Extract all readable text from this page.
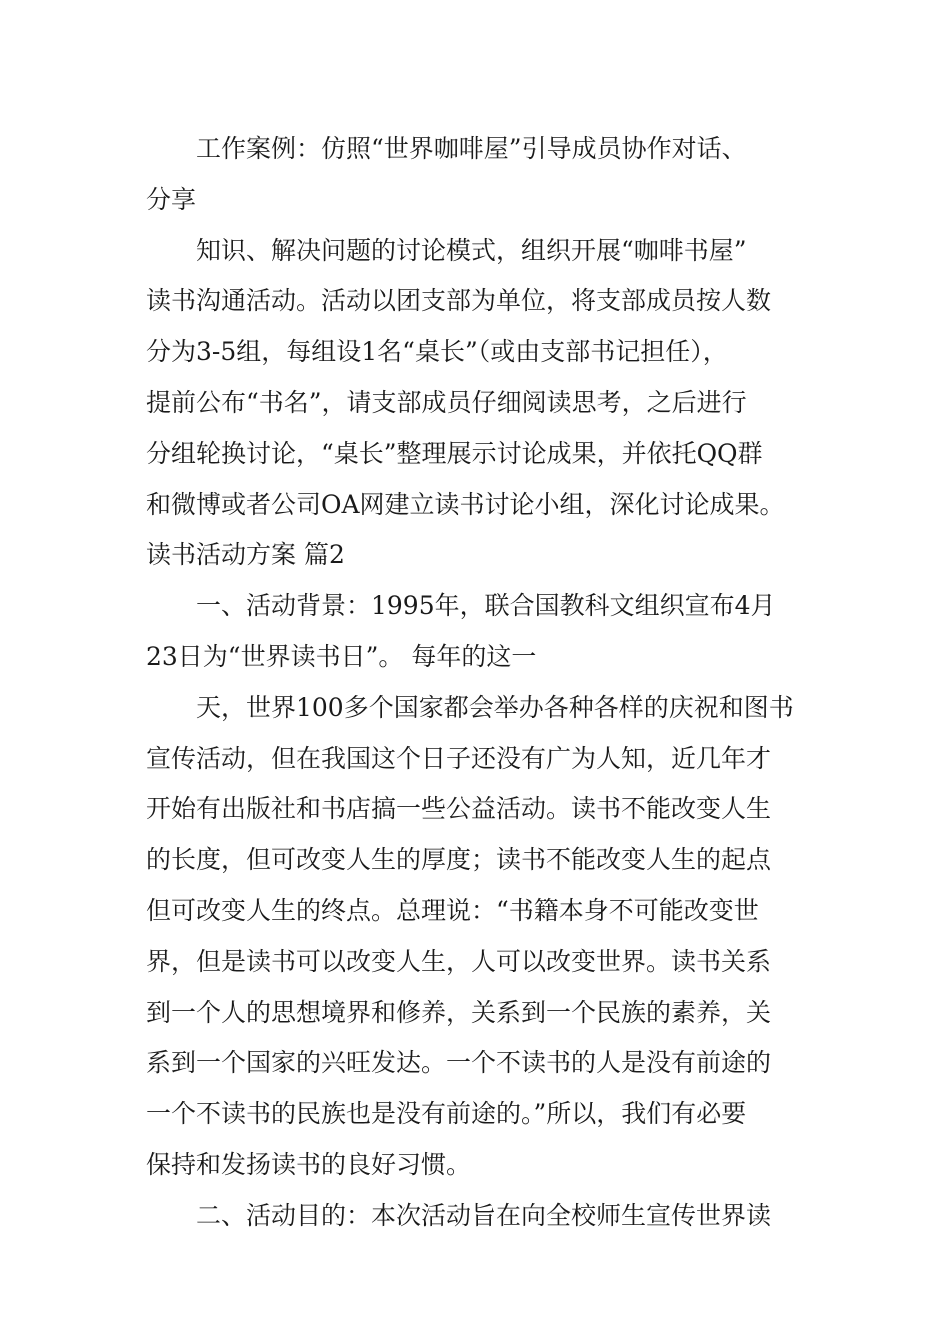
工作案例：仿照“世界咖啡屋”引导成员协作对话、
分享
知识、解决问题的讨论模式，组织开展“咖啡书屋”
读书沟通活动。活动以团支部为单位，将支部成员按人数
分为3-5组，每组设1名“桌长”（或由支部书记担任），
提前公布“书名”，请支部成员仔细阅读思考，之后进行
分组轮换讨论，“桌长”整理展示讨论成果，并依托QQ群
和微博或者公司OA网建立读书讨论小组，深化讨论成果。
读书活动方案 篇2
一、活动背景：1995年，联合国教科文组织宣布4月
23日为“世界读书日”。 每年的这一
天，世界100多个国家都会举办各种各样的庆祝和图书
宣传活动，但在我国这个日子还没有广为人知，近几年才
开始有出版社和书店搞一些公益活动。读书不能改变人生
的长度，但可改变人生的厚度；读书不能改变人生的起点
但可改变人生的终点。总理说：“书籍本身不可能改变世
界，但是读书可以改变人生，人可以改变世界。读书关系
到一个人的思想境界和修养，关系到一个民族的素养，关
系到一个国家的兴旺发达。一个不读书的人是没有前途的
一个不读书的民族也是没有前途的。”所以，我们有必要
保持和发扬读书的良好习惯。
二、活动目的：本次活动旨在向全校师生宣传世界读
